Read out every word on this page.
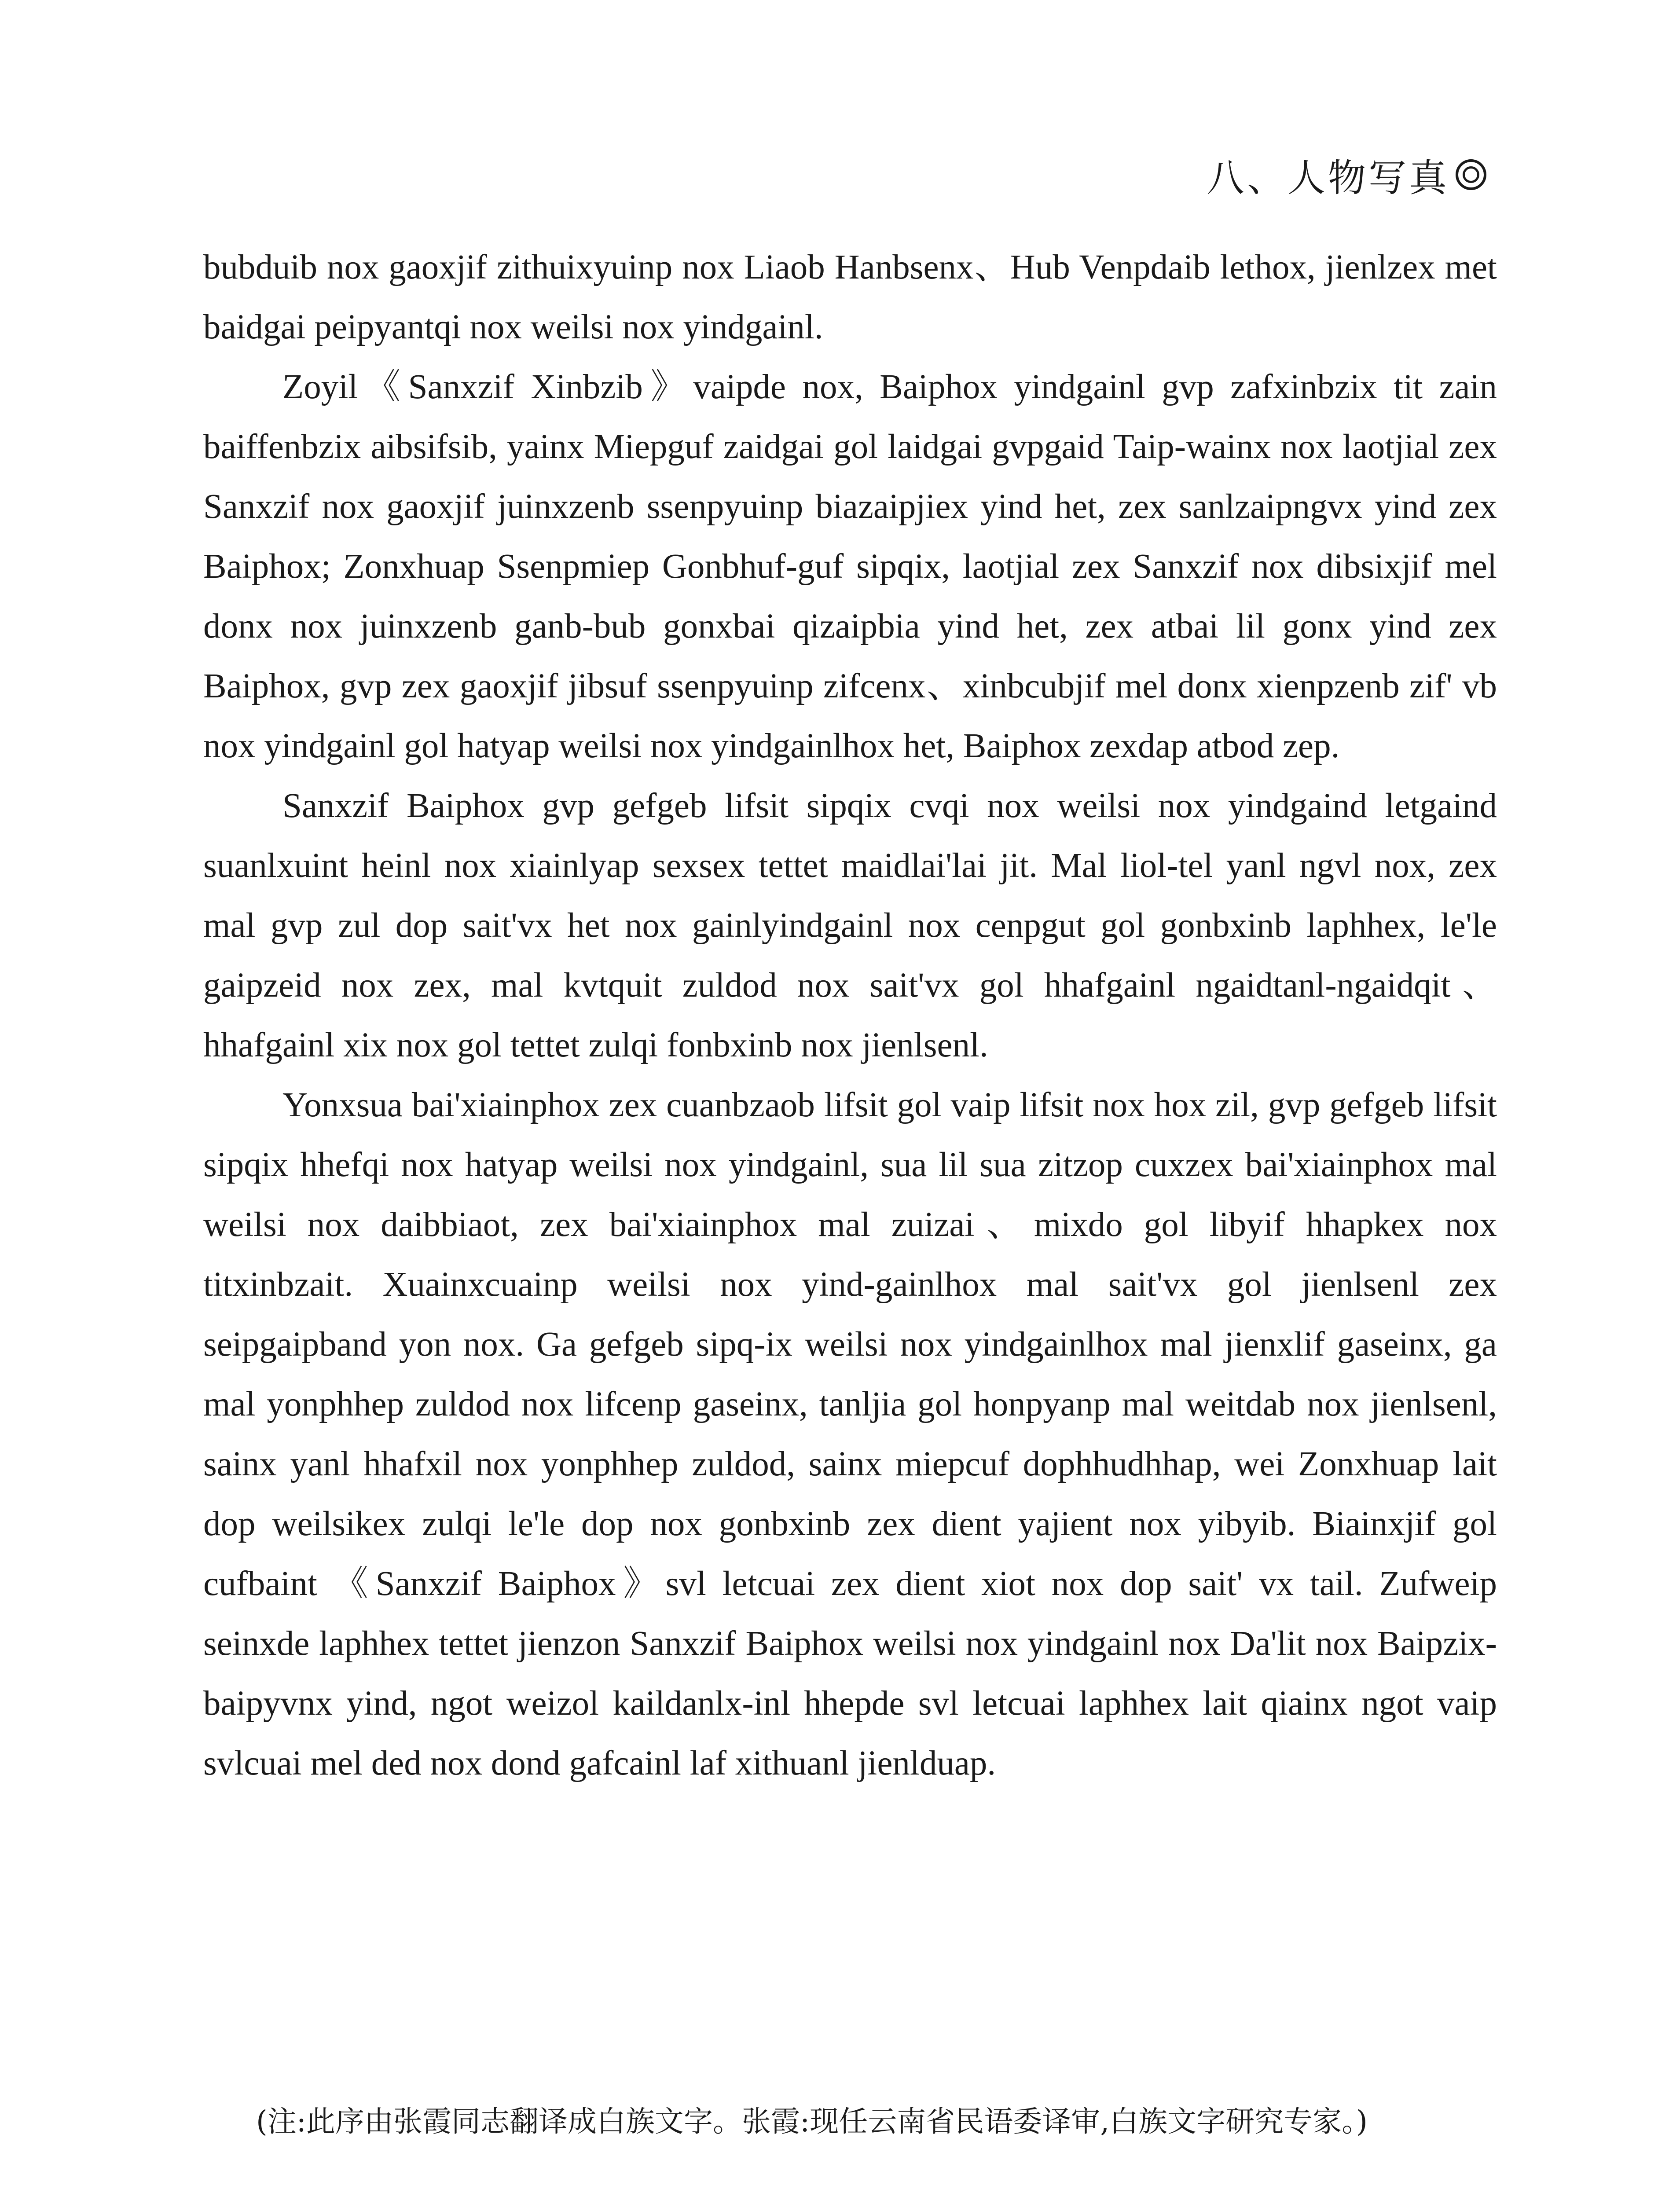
八、人物写真

bubduib nox gaoxjif zithuixyuinp nox Liaob Hanbsenx、Hub Venpdaib lethox, jienlzex met baidgai peipyantqi nox weilsi nox yindgainl.

Zoyil《Sanxzif Xinbzib》vaipde nox, Baiphox yindgainl gvp zafxinbzix tit zain baiffenbzix aibsifsib, yainx Miepguf zaidgai gol laidgai gvpgaid Taip-wainx nox laotjial zex Sanxzif nox gaoxjif juinxzenb ssenpyuinp biazaipjiex yind het, zex sanlzaipngvx yind zex Baiphox; Zonxhuap Ssenpmiep Gonbhuf-guf sipqix, laotjial zex Sanxzif nox dibsixjif mel donx nox juinxzenb ganb-bub gonxbai qizaipbia yind het, zex atbai lil gonx yind zex Baiphox, gvp zex gaoxjif jibsuf ssenpyuinp zifcenx、xinbcubjif mel donx xienpzenb zif' vb nox yindgainl gol hatyap weilsi nox yindgainlhox het, Baiphox zexdap atbod zep.

Sanxzif Baiphox gvp gefgeb lifsit sipqix cvqi nox weilsi nox yindgaind letgaind suanlxuint heinl nox xiainlyap sexsex tettet maidlai'lai jit. Mal liol-tel yanl ngvl nox, zex mal gvp zul dop sait'vx het nox gainlyindgainl nox cenpgut gol gonbxinb laphhex, le'le gaipzeid nox zex, mal kvtquit zuldod nox sait'vx gol hhafgainl ngaidtanl-ngaidqit、hhafgainl xix nox gol tettet zulqi fonbxinb nox jienlsenl.

Yonxsua bai'xiainphox zex cuanbzaob lifsit gol vaip lifsit nox hox zil, gvp gefgeb lifsit sipqix hhefqi nox hatyap weilsi nox yindgainl, sua lil sua zitzop cuxzex bai'xiainphox mal weilsi nox daibbiaot, zex bai'xiainphox mal zuizai、mixdo gol libyif hhapkex nox titxinbzait. Xuainxcuainp weilsi nox yind-gainlhox mal sait'vx gol jienlsenl zex seipgaipband yon nox. Ga gefgeb sipq-ix weilsi nox yindgainlhox mal jienxlif gaseinx, ga mal yonphhep zuldod nox lifcenp gaseinx, tanljia gol honpyanp mal weitdab nox jienlsenl, sainx yanl hhafxil nox yonphhep zuldod, sainx miepcuf dophhudhhap, wei Zonxhuap lait dop weilsikex zulqi le'le dop nox gonbxinb zex dient yajient nox yibyib. Biainxjif gol cufbaint 《Sanxzif Baiphox》svl letcuai zex dient xiot nox dop sait' vx tail. Zufweip seinxde laphhex tettet jienzon Sanxzif Baiphox weilsi nox yindgainl nox Da'lit nox Baipzix-baipyvnx yind, ngot weizol kaildanlx-inl hhepde svl letcuai laphhex lait qiainx ngot vaip svlcuai mel ded nox dond gafcainl laf xithuanl jienlduap.

(注:此序由张霞同志翻译成白族文字。张霞:现任云南省民语委译审,白族文字研究专家。)
